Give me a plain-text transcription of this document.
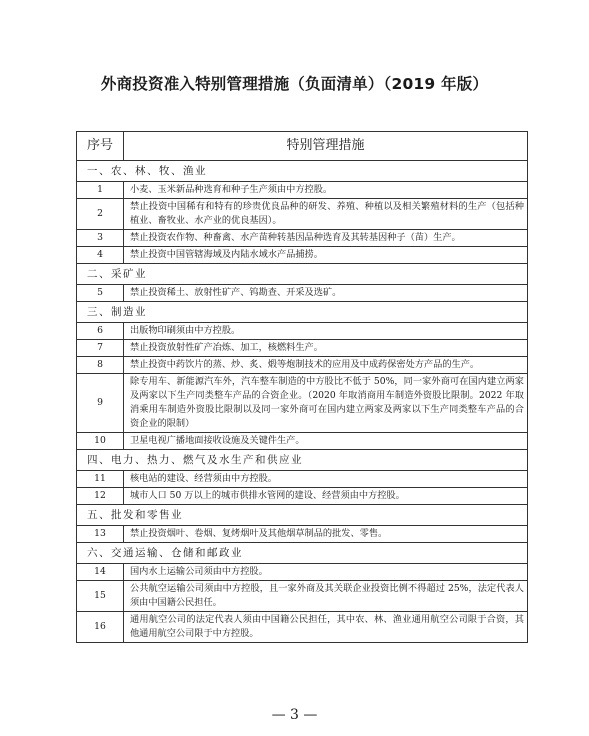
外商投资准入特别管理措施（负面清单）（2019 年版）
序号	特别管理措施
一、农、林、牧、渔业	
1	小麦、玉米新品种选育和种子生产须由中方控股。
2	禁止投资中国稀有和特有的珍贵优良品种的研发、养殖、种植以及相关繁殖材料的生产（包括种植业、畜牧业、水产业的优良基因）。
3	禁止投资农作物、种畜禽、水产苗种转基因品种选育及其转基因种子（苗）生产。
4	禁止投资中国管辖海域及内陆水域水产品捕捞。
二、采矿业	
5	禁止投资稀土、放射性矿产、钨勘查、开采及选矿。
三、制造业	
6	出版物印刷须由中方控股。
7	禁止投资放射性矿产冶炼、加工，核燃料生产。
8	禁止投资中药饮片的蒸、炒、炙、煅等炮制技术的应用及中成药保密处方产品的生产。
9	除专用车、新能源汽车外，汽车整车制造的中方股比不低于 50%，同一家外商可在国内建立两家及两家以下生产同类整车产品的合资企业。（2020 年取消商用车制造外资股比限制。2022 年取消乘用车制造外资股比限制以及同一家外商可在国内建立两家及两家以下生产同类整车产品的合资企业的限制）
10	卫星电视广播地面接收设施及关键件生产。
四、电力、热力、燃气及水生产和供应业	
11	核电站的建设、经营须由中方控股。
12	城市人口 50 万以上的城市供排水管网的建设、经营须由中方控股。
五、批发和零售业	
13	禁止投资烟叶、卷烟、复烤烟叶及其他烟草制品的批发、零售。
六、交通运输、仓储和邮政业	
14	国内水上运输公司须由中方控股。
15	公共航空运输公司须由中方控股，且一家外商及其关联企业投资比例不得超过 25%，法定代表人须由中国籍公民担任。
16	通用航空公司的法定代表人须由中国籍公民担任，其中农、林、渔业通用航空公司限于合资，其他通用航空公司限于中方控股。
— 3 —
